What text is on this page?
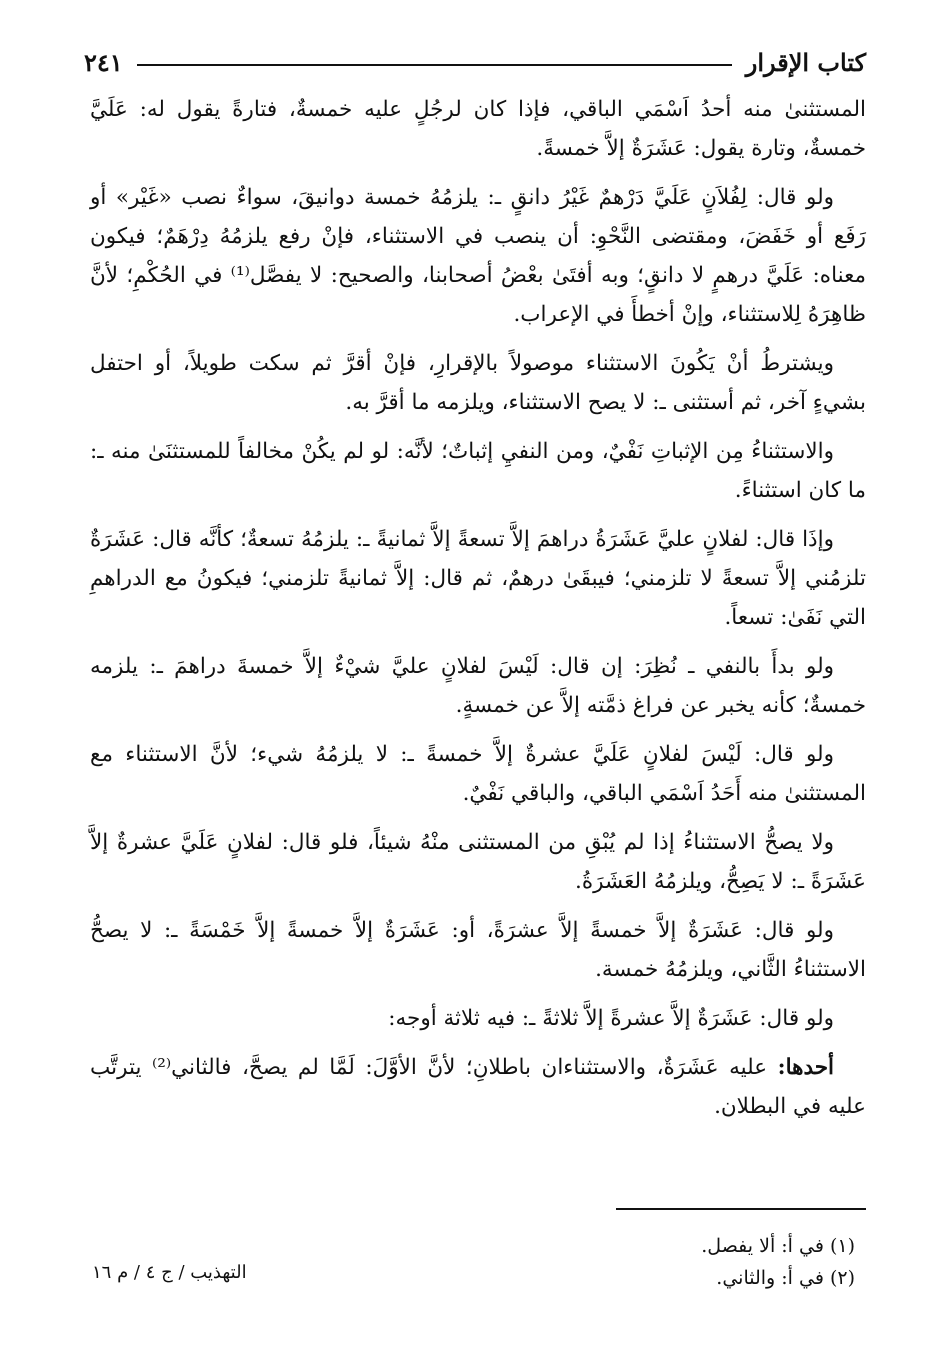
كتاب الإقرار
٢٤١

المستثنىٰ منه أحدُ اَسْمَي الباقي، فإذا كان لرجُلٍ عليه خمسةٌ، فتارةً يقول له: عَلَيَّ خمسةٌ، وتارة يقول: عَشَرَةٌ إلاَّ خمسةً.

ولو قال: لِفُلاَنٍ عَلَيَّ دَرْهمٌ غَيْرُ دانقٍ ـ: يلزمُهُ خمسة دوانيقَ، سواءٌ نصب «غَيْر» أو رَفَع أو خَفَضَ، ومقتضى النَّحْوِ: أن ينصب في الاستثناء، فإنْ رفع يلزمُهُ دِرْهَمٌ؛ فيكون معناه: عَلَيَّ درهمٍ لا دانقٍ؛ وبه أفتَىٰ بعْضُ أصحابنا، والصحيح: لا يفصَّل⁽¹⁾ في الحُكْمِ؛ لأنَّ ظاهِرَهُ لِلاستثناء، وإنْ أخطأَ في الإعراب.

ويشترطُ أنْ يَكُونَ الاستثناء موصولاً بالإقرارِ، فإنْ أقرَّ ثم سكت طويلاً، أو احتفل بشيءٍ آخر، ثم أستثنى ـ: لا يصح الاستثناء، ويلزمه ما أقرَّ به.

والاستثناءُ مِن الإثباتِ نَفْيٌ، ومن النفيِ إثباتٌ؛ لأنَّه: لو لم يكُنْ مخالفاً للمستثنَىٰ منه ـ: ما كان استثناءً.

وإذَا قال: لفلانٍ عليَّ عَشَرَةُ دراهمَ إلاَّ تسعةً إلاَّ ثمانيةً ـ: يلزمُهُ تسعةٌ؛ كأنَّه قال: عَشَرَةٌ تلزمُني إلاَّ تسعةً لا تلزمني؛ فيبقَىٰ درهمٌ، ثم قال: إلاَّ ثمانيةً تلزمني؛ فيكونُ مع الدراهمِ التي نَفَىٰ: تسعاً.

ولو بدأَ بالنفي ـ نُظِرَ: إن قال: لَيْسَ لفلانٍ عليَّ شيْءٌ إلاَّ خمسةَ دراهمَ ـ: يلزمه خمسةٌ؛ كأنه يخبر عن فراغ ذمَّته إلاَّ عن خمسةٍ.

ولو قال: لَيْسَ لفلانٍ عَلَيَّ عشرةٌ إلاَّ خمسةً ـ: لا يلزمُهُ شيء؛ لأنَّ الاستثناء مع المستثنىٰ منه أَحَدُ اَسْمَي الباقي، والباقي نَفْيٌ.

ولا يصحُّ الاستثناءُ إذا لم يُبْقِ من المستثنى منْهُ شيئاً، فلو قال: لفلانٍ عَلَيَّ عشرةٌ إلاَّ عَشَرَةً ـ: لا يَصِحُّ، ويلزمُهُ العَشَرَةُ.

ولو قال: عَشَرَةٌ إلاَّ خمسةً إلاَّ عشرَةً، أو: عَشَرَةٌ إلاَّ خمسةً إلاَّ خَمْسَةً ـ: لا يصحُّ الاستثناءُ الثَّاني، ويلزمُهُ خمسة.

ولو قال: عَشَرَةٌ إلاَّ عشرةً إلاَّ ثلاثةً ـ: فيه ثلاثة أوجه:

أحدها: عليه عَشَرَةٌ، والاستثناءان باطلانِ؛ لأنَّ الأوَّلَ: لَمَّا لم يصحَّ، فالثاني⁽²⁾ يترتَّب عليه في البطلان.

(١) في أ: ألا يفصل.

(٢) في أ: والثاني.

التهذيب / ج ٤ / م ١٦
